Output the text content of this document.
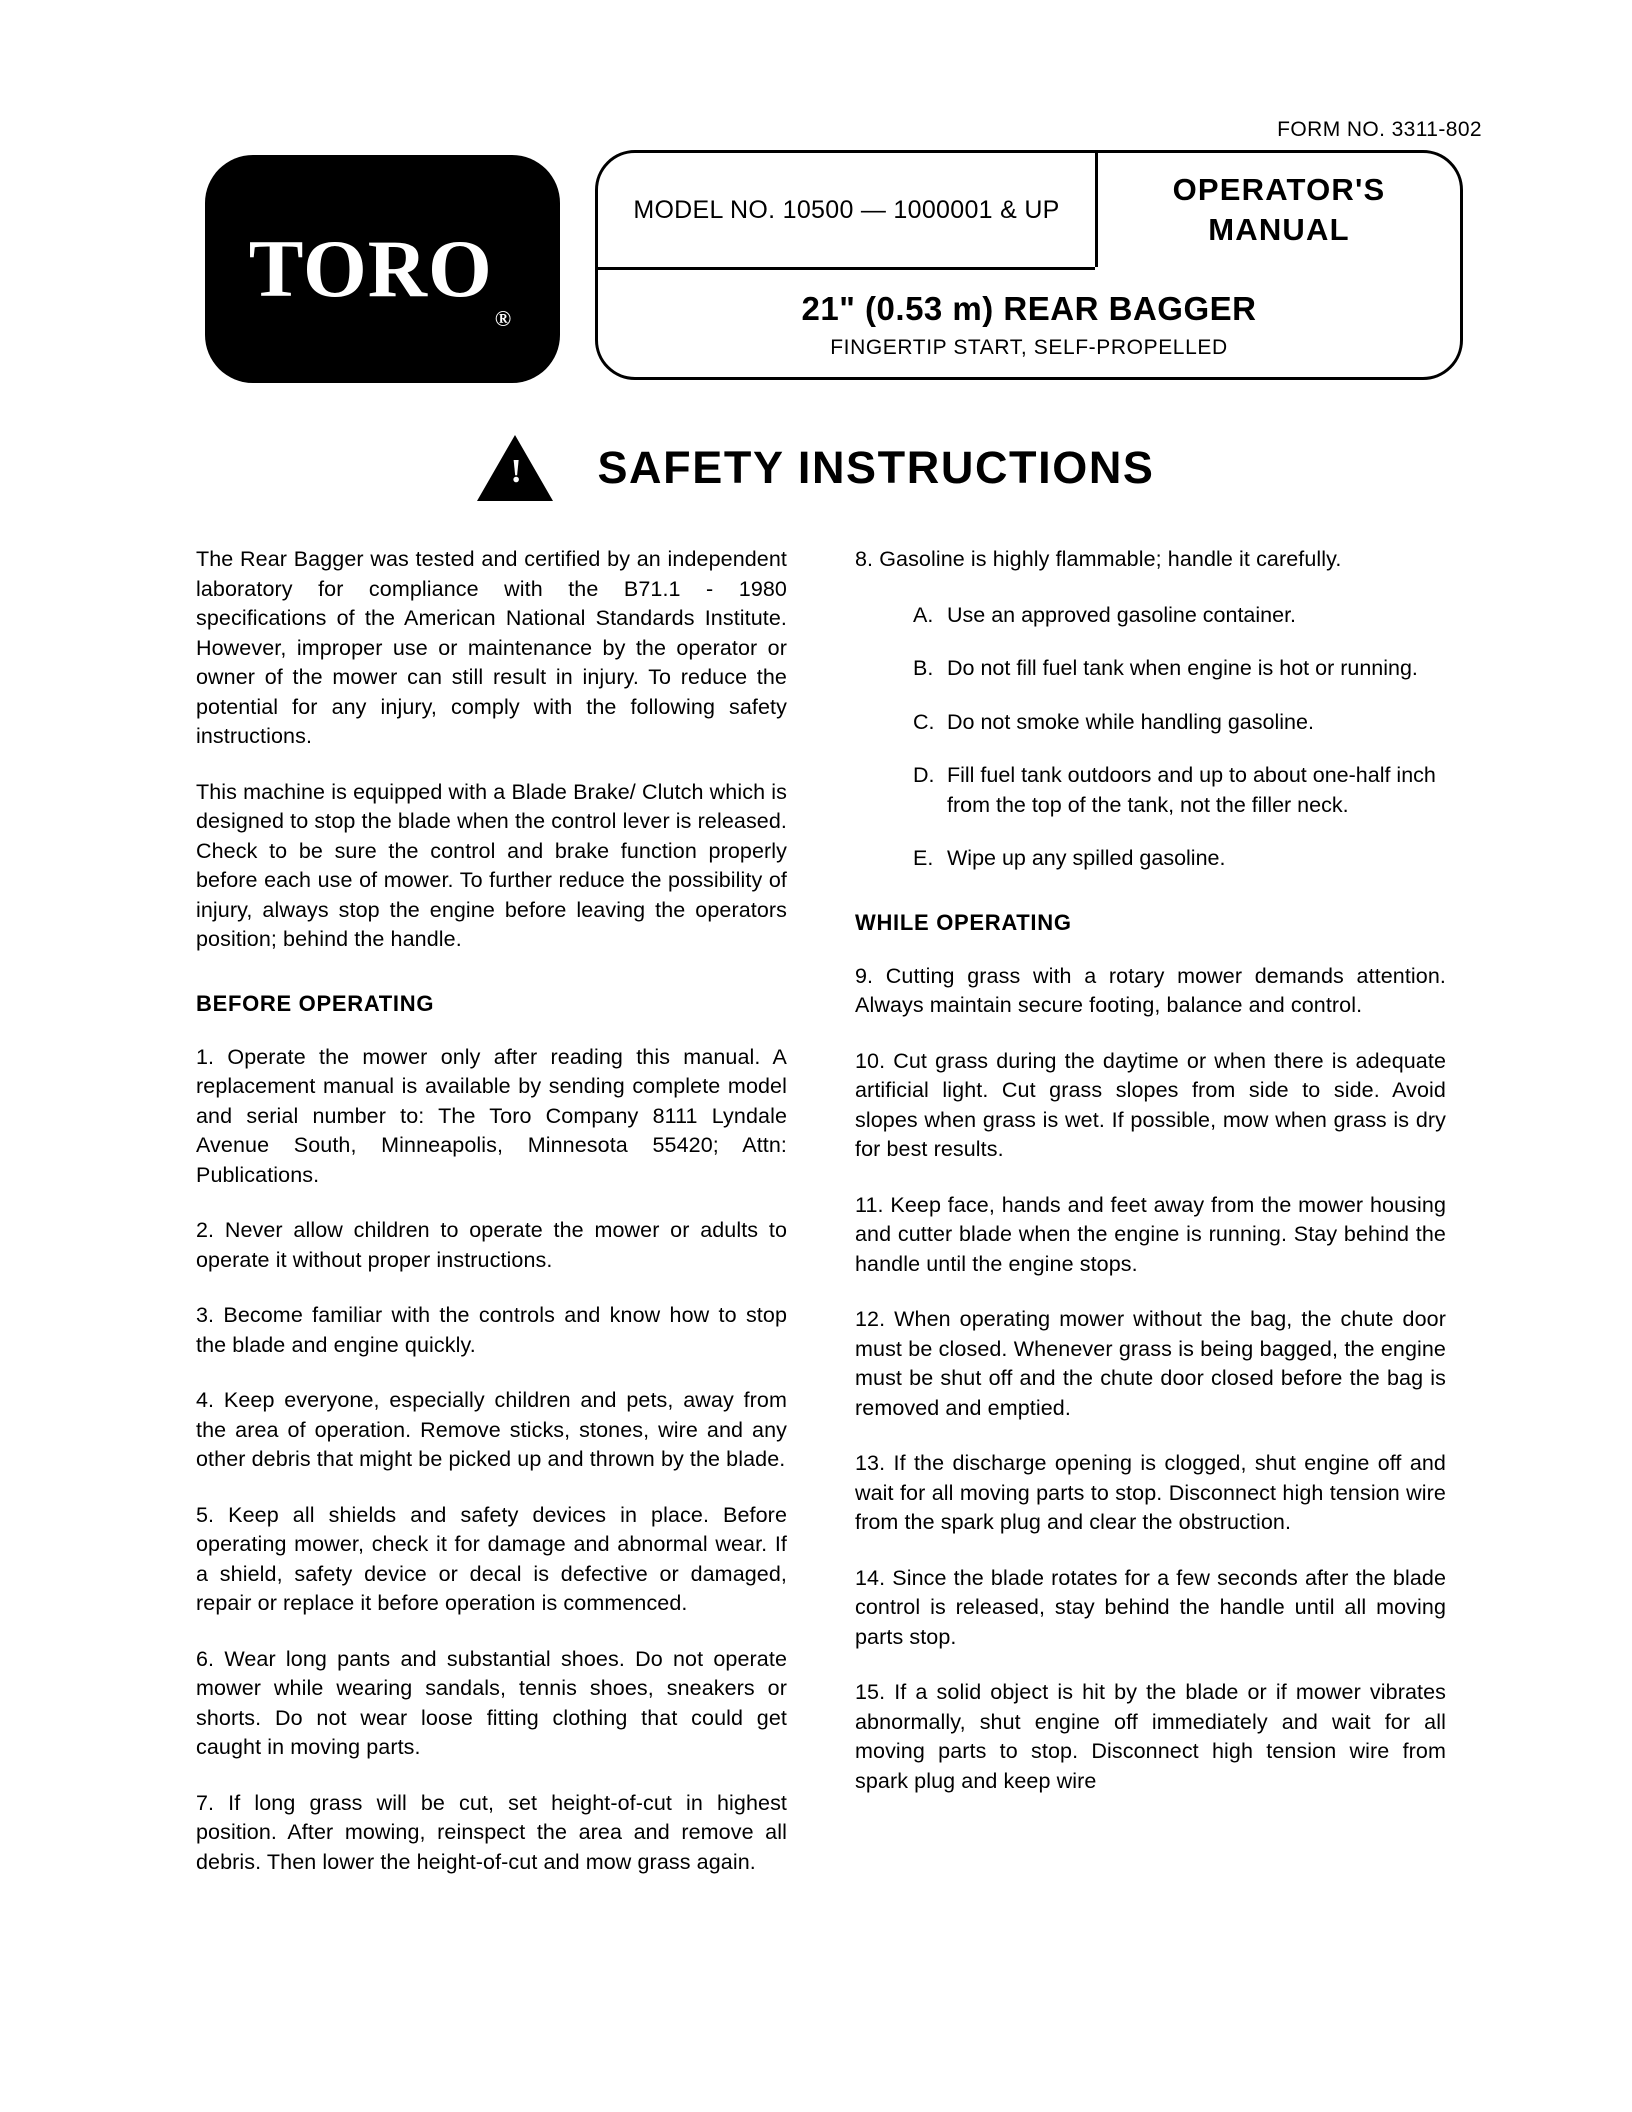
FORM NO. 3311-802
TORO®
MODEL NO. 10500 — 1000001 & UP
OPERATOR'S
MANUAL
21" (0.53 m) REAR BAGGER
FINGERTIP START, SELF-PROPELLED
! SAFETY INSTRUCTIONS

The Rear Bagger was tested and certified by an independent laboratory for compliance with the B71.1 - 1980 specifications of the American National Standards Institute. However, improper use or maintenance by the operator or owner of the mower can still result in injury. To reduce the potential for any injury, comply with the following safety instructions.

This machine is equipped with a Blade Brake/ Clutch which is designed to stop the blade when the control lever is released. Check to be sure the control and brake function properly before each use of mower. To further reduce the possibility of injury, always stop the engine before leaving the operators position; behind the handle.

BEFORE OPERATING

1. Operate the mower only after reading this manual. A replacement manual is available by sending complete model and serial number to: The Toro Company 8111 Lyndale Avenue South, Minneapolis, Minnesota 55420; Attn: Publications.

2. Never allow children to operate the mower or adults to operate it without proper instructions.

3. Become familiar with the controls and know how to stop the blade and engine quickly.

4. Keep everyone, especially children and pets, away from the area of operation. Remove sticks, stones, wire and any other debris that might be picked up and thrown by the blade.

5. Keep all shields and safety devices in place. Before operating mower, check it for damage and abnormal wear. If a shield, safety device or decal is defective or damaged, repair or replace it before operation is commenced.

6. Wear long pants and substantial shoes. Do not operate mower while wearing sandals, tennis shoes, sneakers or shorts. Do not wear loose fitting clothing that could get caught in moving parts.

7. If long grass will be cut, set height-of-cut in highest position. After mowing, reinspect the area and remove all debris. Then lower the height-of-cut and mow grass again.

8. Gasoline is highly flammable; handle it carefully.

A. Use an approved gasoline container.
B. Do not fill fuel tank when engine is hot or running.
C. Do not smoke while handling gasoline.
D. Fill fuel tank outdoors and up to about one-half inch from the top of the tank, not the filler neck.
E. Wipe up any spilled gasoline.
WHILE OPERATING

9. Cutting grass with a rotary mower demands attention. Always maintain secure footing, balance and control.

10. Cut grass during the daytime or when there is adequate artificial light. Cut grass slopes from side to side. Avoid slopes when grass is wet. If possible, mow when grass is dry for best results.

11. Keep face, hands and feet away from the mower housing and cutter blade when the engine is running. Stay behind the handle until the engine stops.

12. When operating mower without the bag, the chute door must be closed. Whenever grass is being bagged, the engine must be shut off and the chute door closed before the bag is removed and emptied.

13. If the discharge opening is clogged, shut engine off and wait for all moving parts to stop. Disconnect high tension wire from the spark plug and clear the obstruction.

14. Since the blade rotates for a few seconds after the blade control is released, stay behind the handle until all moving parts stop.

15. If a solid object is hit by the blade or if mower vibrates abnormally, shut engine off immediately and wait for all moving parts to stop. Disconnect high tension wire from spark plug and keep wire
